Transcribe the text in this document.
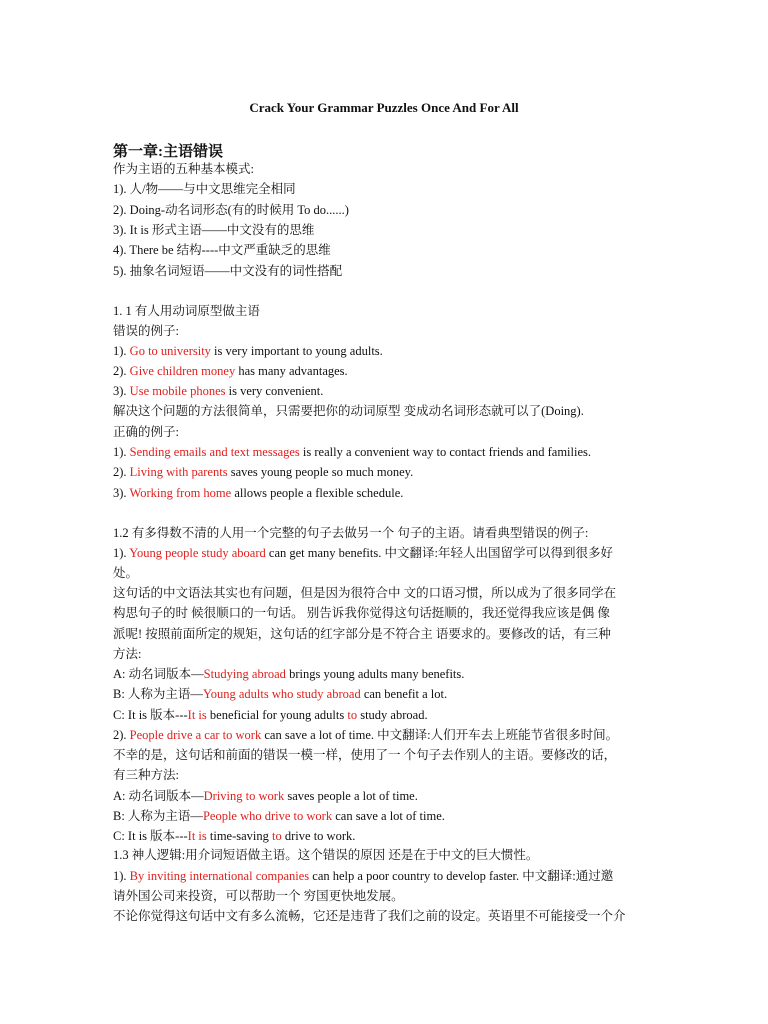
Crack Your Grammar Puzzles Once And For All
第一章:主语错误
作为主语的五种基本模式:
1). 人/物——与中文思维完全相同
2). Doing-动名词形态(有的时候用 To do......)
3). It is 形式主语——中文没有的思维
4). There be 结构----中文严重缺乏的思维
5). 抽象名词短语——中文没有的词性搭配
1. 1 有人用动词原型做主语
错误的例子:
1). Go to university is very important to young adults.
2). Give children money has many advantages.
3). Use mobile phones is very convenient.
解决这个问题的方法很简单，只需要把你的动词原型 变成动名词形态就可以了(Doing).
正确的例子:
1). Sending emails and text messages is really a convenient way to contact friends and families.
2). Living with parents saves young people so much money.
3). Working from home allows people a flexible schedule.
1.2 有多得数不清的人用一个完整的句子去做另一个 句子的主语。请看典型错误的例子:
1). Young people study aboard can get many benefits. 中文翻译:年轻人出国留学可以得到很多好
处。
这句话的中文语法其实也有问题，但是因为很符合中 文的口语习惯，所以成为了很多同学在
构思句子的时 候很顺口的一句话。 别告诉我你觉得这句话挺顺的，我还觉得我应该是偶 像
派呢! 按照前面所定的规矩，这句话的红字部分是不符合主 语要求的。要修改的话，有三种
方法:
A: 动名词版本—Studying abroad brings young adults many benefits.
B: 人称为主语—Young adults who study abroad can benefit a lot.
C: It is 版本---It is beneficial for young adults to study abroad.
2). People drive a car to work can save a lot of time. 中文翻译:人们开车去上班能节省很多时间。
不幸的是，这句话和前面的错误一模一样，使用了一 个句子去作别人的主语。要修改的话，
有三种方法:
A: 动名词版本—Driving to work saves people a lot of time.
B: 人称为主语—People who drive to work can save a lot of time.
C: It is 版本---It is time-saving to drive to work.
1.3 神人逻辑:用介词短语做主语。这个错误的原因 还是在于中文的巨大惯性。
1). By inviting international companies can help a poor country to develop faster. 中文翻译:通过邀
请外国公司来投资，可以帮助一个 穷国更快地发展。
不论你觉得这句话中文有多么流畅，它还是违背了我们之前的设定。英语里不可能接受一个介
